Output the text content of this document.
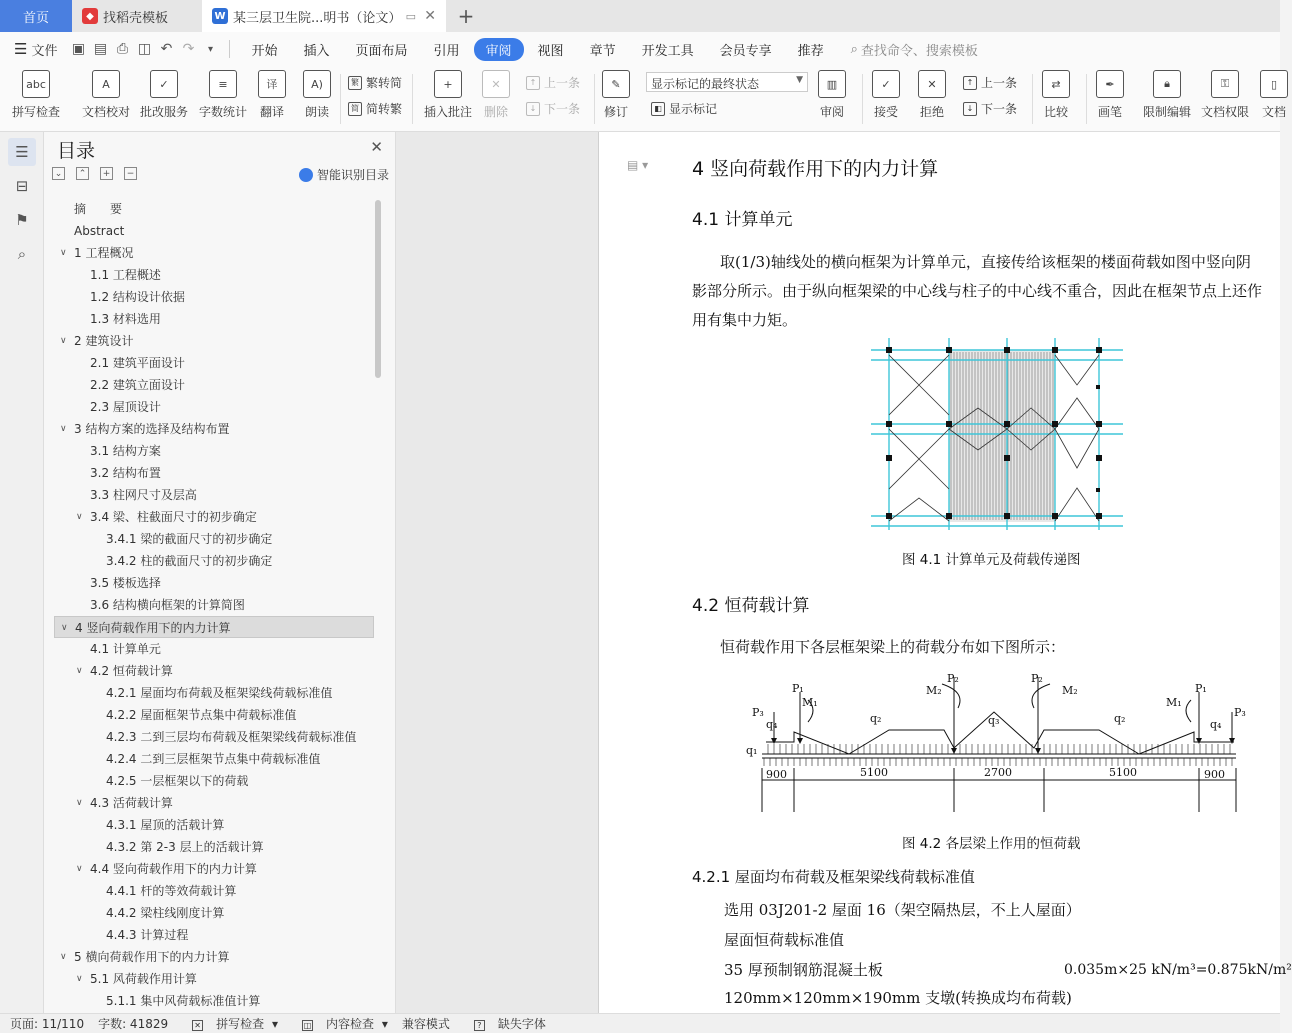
首页	◆ 找稻壳模板	W 某三层卫生院...明书（论文） ▭ ✕	+
☰ 文件	▣ ▤ ⎙ ◫ ↶ ↷	▾	开始	插入	页面布局	引用	审阅	视图	章节	开发工具	会员专享	推荐	⌕ 查找命令、搜索模板
abc
拼写检查
A
文档校对
✓
批改服务
≡
字数统计
译
翻译
A)
朗读
繁 繁转简
简 简转繁
+
插入批注
✕
删除
↑ 上一条
↓ 下一条
✎
修订	◧ 显示标记
▥
审阅
✓
接受
✕
拒绝
↑ 上一条
↓ 下一条
⇄
比较
✒
画笔
🔒︎
限制编辑
⚿
文档权限
▯
文档
显示标记的最终状态	▼
☰
⊟
⚑
⌕
目录	✕
⌄	⌃	+	−	智能识别目录
摘　　要
Abstract
∨ 1 工程概况
1.1 工程概述
1.2 结构设计依据
1.3 材料选用
∨ 2 建筑设计
2.1 建筑平面设计
2.2 建筑立面设计
2.3 屋顶设计
∨ 3 结构方案的选择及结构布置
3.1 结构方案
3.2 结构布置
3.3 柱网尺寸及层高
∨ 3.4 梁、柱截面尺寸的初步确定
3.4.1 梁的截面尺寸的初步确定
3.4.2 柱的截面尺寸的初步确定
3.5 楼板选择
3.6 结构横向框架的计算简图
∨ 4 竖向荷载作用下的内力计算
4.1 计算单元
∨ 4.2 恒荷载计算
4.2.1 屋面均布荷载及框架梁线荷载标准值
4.2.2 屋面框架节点集中荷载标准值
4.2.3 二到三层均布荷载及框架梁线荷载标准值
4.2.4 二到三层框架节点集中荷载标准值
4.2.5 一层框架以下的荷载
∨ 4.3 活荷载计算
4.3.1 屋顶的活载计算
4.3.2 第 2-3 层上的活载计算
∨ 4.4 竖向荷载作用下的内力计算
4.4.1 杆的等效荷载计算
4.4.2 梁柱线刚度计算
4.4.3 计算过程
∨ 5 横向荷载作用下的内力计算
∨ 5.1 风荷载作用计算
5.1.1 集中风荷载标准值计算
▤ ▾ 4 竖向荷载作用下的内力计算
4.1 计算单元
取(1/3)轴线处的横向框架为计算单元，直接传给该框架的楼面荷载如图中竖向阴
影部分所示。由于纵向框架梁的中心线与柱子的中心线不重合，因此在框架节点上还作
用有集中力矩。
图 4.1 计算单元及荷载传递图
4.2 恒荷载计算
恒荷载作用下各层框架梁上的荷载分布如下图所示：
P₁
M₁
P₃
q₄
q₁
q₂
M₂
P₂
q₃
P₂
M₂
q₂
M₁
P₁
q₄
P₃
900	5100	2700	5100	900
图 4.2 各层梁上作用的恒荷载
4.2.1 屋面均布荷载及框架梁线荷载标准值
选用 03J201-2 屋面 16（架空隔热层，不上人屋面）
屋面恒荷载标准值
35 厚预制钢筋混凝土板	0.035m×25 kN/m³=0.875kN/m²
120mm×120mm×190mm 支墩(转换成均布荷载)
页面: 11/110 字数: 41829	✕ 拼写检查 ▾	◫ 内容检查 ▾ 兼容模式	? 缺失字体
